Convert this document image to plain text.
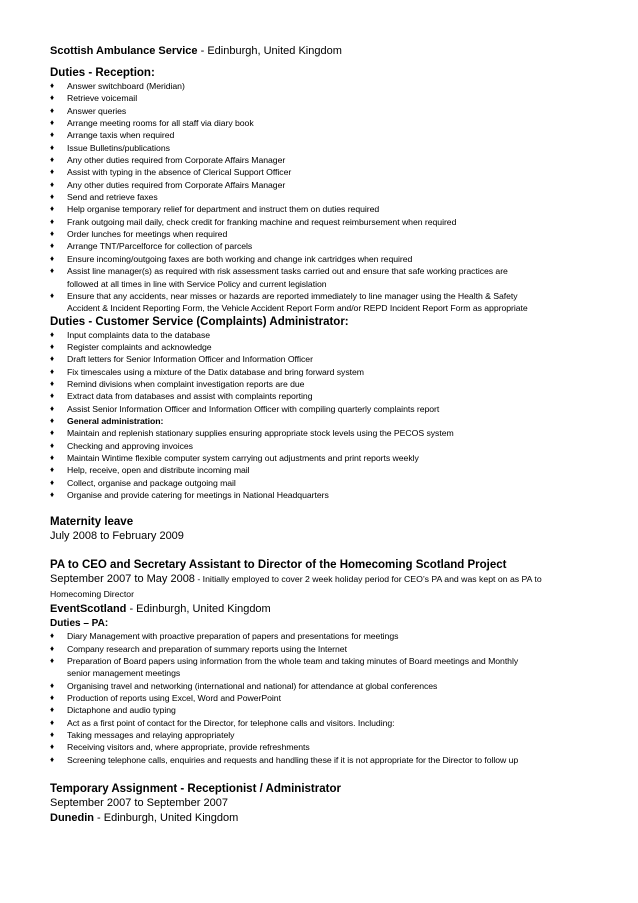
Scottish Ambulance Service - Edinburgh, United Kingdom
Duties - Reception:
♦ Answer switchboard (Meridian)
♦ Retrieve voicemail
♦ Answer queries
♦ Arrange meeting rooms for all staff via diary book
♦ Arrange taxis when required
♦ Issue Bulletins/publications
♦ Any other duties required from Corporate Affairs Manager
♦ Assist with typing in the absence of Clerical Support Officer
♦ Any other duties required from Corporate Affairs Manager
♦ Send and retrieve faxes
♦ Help organise temporary relief for department and instruct them on duties required
♦ Frank outgoing mail daily, check credit for franking machine and request reimbursement when required
♦ Order lunches for meetings when required
♦ Arrange TNT/Parcelforce for collection of parcels
♦ Ensure incoming/outgoing faxes are both working and change ink cartridges when required
♦ Assist line manager(s) as required with risk assessment tasks carried out and ensure that safe working practices are
followed at all times in line with Service Policy and current legislation
♦ Ensure that any accidents, near misses or hazards are reported immediately to line manager using the Health & Safety
Accident & Incident Reporting Form, the Vehicle Accident Report Form and/or REPD Incident Report Form as appropriate
Duties - Customer Service (Complaints) Administrator:
♦ Input complaints data to the database
♦ Register complaints and acknowledge
♦ Draft letters for Senior Information Officer and Information Officer
♦ Fix timescales using a mixture of the Datix database and bring forward system
♦ Remind divisions when complaint investigation reports are due
♦ Extract data from databases and assist with complaints reporting
♦ Assist Senior Information Officer and Information Officer with compiling quarterly complaints report
♦ General administration:
♦ Maintain and replenish stationary supplies ensuring appropriate stock levels using the PECOS system
♦ Checking and approving invoices
♦ Maintain Wintime flexible computer system carrying out adjustments and print reports weekly
♦ Help, receive, open and distribute incoming mail
♦ Collect, organise and package outgoing mail
♦ Organise and provide catering for meetings in National Headquarters
Maternity leave
July 2008 to February 2009
PA to CEO and Secretary Assistant to Director of the Homecoming Scotland Project
September 2007 to May 2008 - Initially employed to cover 2 week holiday period for CEO’s PA and was kept on as PA to
Homecoming Director
EventScotland - Edinburgh, United Kingdom
Duties – PA:
♦ Diary Management with proactive preparation of papers and presentations for meetings
♦ Company research and preparation of summary reports using the Internet
♦ Preparation of Board papers using information from the whole team and taking minutes of Board meetings and Monthly
senior management meetings
♦ Organising travel and networking (international and national) for attendance at global conferences
♦ Production of reports using Excel, Word and PowerPoint
♦ Dictaphone and audio typing
♦ Act as a first point of contact for the Director, for telephone calls and visitors. Including:
♦ Taking messages and relaying appropriately
♦ Receiving visitors and, where appropriate, provide refreshments
♦ Screening telephone calls, enquiries and requests and handling these if it is not appropriate for the Director to follow up
Temporary Assignment - Receptionist / Administrator
September 2007 to September 2007
Dunedin - Edinburgh, United Kingdom
